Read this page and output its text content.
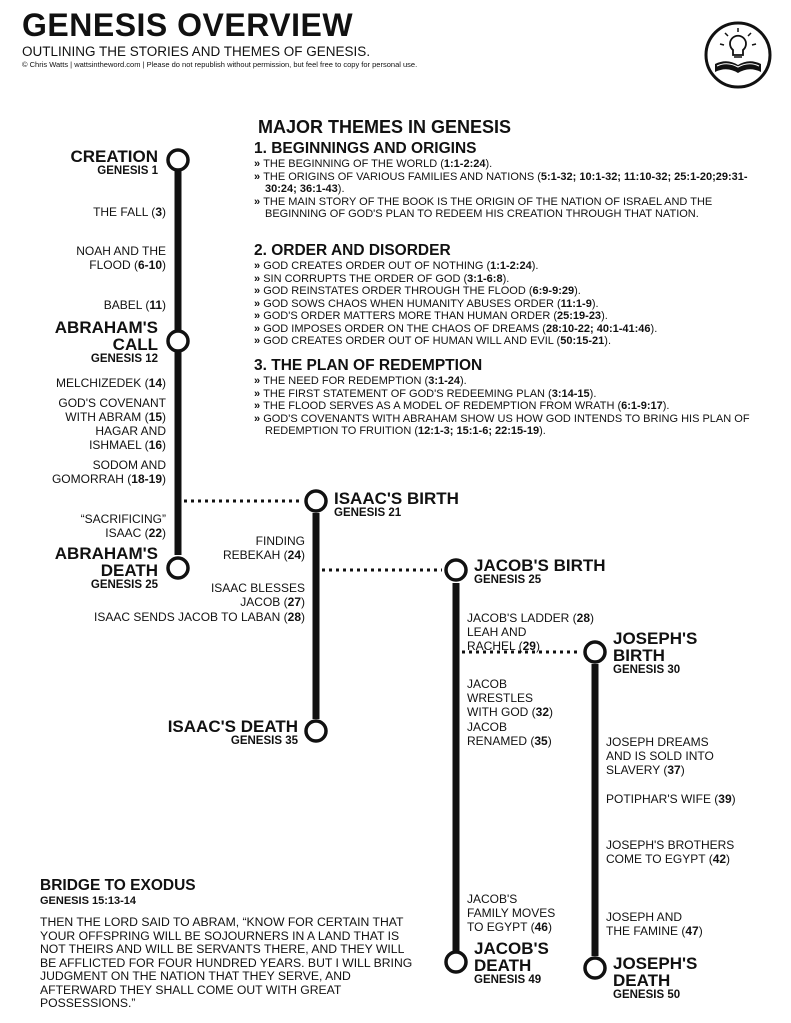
GENESIS OVERVIEW
OUTLINING THE STORIES AND THEMES OF GENESIS.
© Chris Watts | wattsintheword.com | Please do not republish without permission, but feel free to copy for personal use.
CREATION
GENESIS 1
THE FALL (3)
NOAH AND THE
FLOOD (6-10)
BABEL (11)
ABRAHAM'S
CALL
GENESIS 12
MELCHIZEDEK (14)
GOD'S COVENANT
WITH ABRAM (15)
HAGAR AND
ISHMAEL (16)
SODOM AND
GOMORRAH (18-19)
“SACRIFICING”
ISAAC (22)
ABRAHAM'S
DEATH
GENESIS 25
ISAAC'S BIRTH
GENESIS 21
FINDING
REBEKAH (24)
ISAAC BLESSES
JACOB (27)
ISAAC SENDS JACOB TO LABAN (28)
ISAAC'S DEATH
GENESIS 35
JACOB'S BIRTH
GENESIS 25
JACOB'S LADDER (28)
LEAH AND
RACHEL (29)
JACOB
WRESTLES
WITH GOD (32)
JACOB
RENAMED (35)
JACOB'S
FAMILY MOVES
TO EGYPT (46)
JACOB'S
DEATH
GENESIS 49
JOSEPH'S
BIRTH
GENESIS 30
JOSEPH DREAMS
AND IS SOLD INTO
SLAVERY (37)
POTIPHAR'S WIFE (39)
JOSEPH'S BROTHERS
COME TO EGYPT (42)
JOSEPH AND
THE FAMINE (47)
JOSEPH'S
DEATH
GENESIS 50
MAJOR THEMES IN GENESIS
1. BEGINNINGS AND ORIGINS
» THE BEGINNING OF THE WORLD (1:1-2:24).
» THE ORIGINS OF VARIOUS FAMILIES AND NATIONS (5:1-32; 10:1-32; 11:10-32; 25:1-20;29:31-30:24; 36:1-43).
» THE MAIN STORY OF THE BOOK IS THE ORIGIN OF THE NATION OF ISRAEL AND THE BEGINNING OF GOD'S PLAN TO REDEEM HIS CREATION THROUGH THAT NATION.
2. ORDER AND DISORDER
» GOD CREATES ORDER OUT OF NOTHING (1:1-2:24).
» SIN CORRUPTS THE ORDER OF GOD (3:1-6:8).
» GOD REINSTATES ORDER THROUGH THE FLOOD (6:9-9:29).
» GOD SOWS CHAOS WHEN HUMANITY ABUSES ORDER (11:1-9).
» GOD'S ORDER MATTERS MORE THAN HUMAN ORDER (25:19-23).
» GOD IMPOSES ORDER ON THE CHAOS OF DREAMS (28:10-22; 40:1-41:46).
» GOD CREATES ORDER OUT OF HUMAN WILL AND EVIL (50:15-21).
3. THE PLAN OF REDEMPTION
» THE NEED FOR REDEMPTION (3:1-24).
» THE FIRST STATEMENT OF GOD'S REDEEMING PLAN (3:14-15).
» THE FLOOD SERVES AS A MODEL OF REDEMPTION FROM WRATH (6:1-9:17).
» GOD'S COVENANTS WITH ABRAHAM SHOW US HOW GOD INTENDS TO BRING HIS PLAN OF REDEMPTION TO FRUITION (12:1-3; 15:1-6; 22:15-19).
BRIDGE TO EXODUS
GENESIS 15:13-14
THEN THE LORD SAID TO ABRAM, “KNOW FOR CERTAIN THAT YOUR OFFSPRING WILL BE SOJOURNERS IN A LAND THAT IS NOT THEIRS AND WILL BE SERVANTS THERE, AND THEY WILL BE AFFLICTED FOR FOUR HUNDRED YEARS. BUT I WILL BRING JUDGMENT ON THE NATION THAT THEY SERVE, AND AFTERWARD THEY SHALL COME OUT WITH GREAT POSSESSIONS.”
